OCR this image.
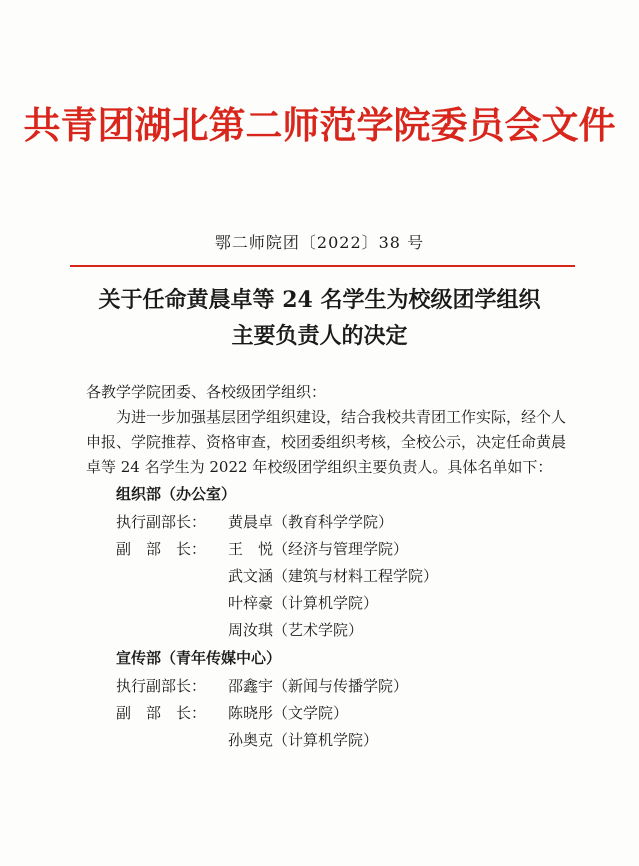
共青团湖北第二师范学院委员会文件
鄂二师院团〔2022〕38 号
关于任命黄晨卓等 24 名学生为校级团学组织
主要负责人的决定

各教学学院团委、各校级团学组织：

为进一步加强基层团学组织建设，结合我校共青团工作实际，经个人申报、学院推荐、资格审查，校团委组织考核，全校公示，决定任命黄晨卓等 24 名学生为 2022 年校级团学组织主要负责人。具体名单如下：

组织部（办公室）

执行副部长：	黄晨卓（教育科学学院）
副　部　长：	王　悦（经济与管理学院）
武文涵（建筑与材料工程学院）
叶梓豪（计算机学院）
周汝琪（艺术学院）

宣传部（青年传媒中心）

执行副部长：	邵鑫宇（新闻与传播学院）
副　部　长：	陈晓彤（文学院）
孙奥克（计算机学院）
